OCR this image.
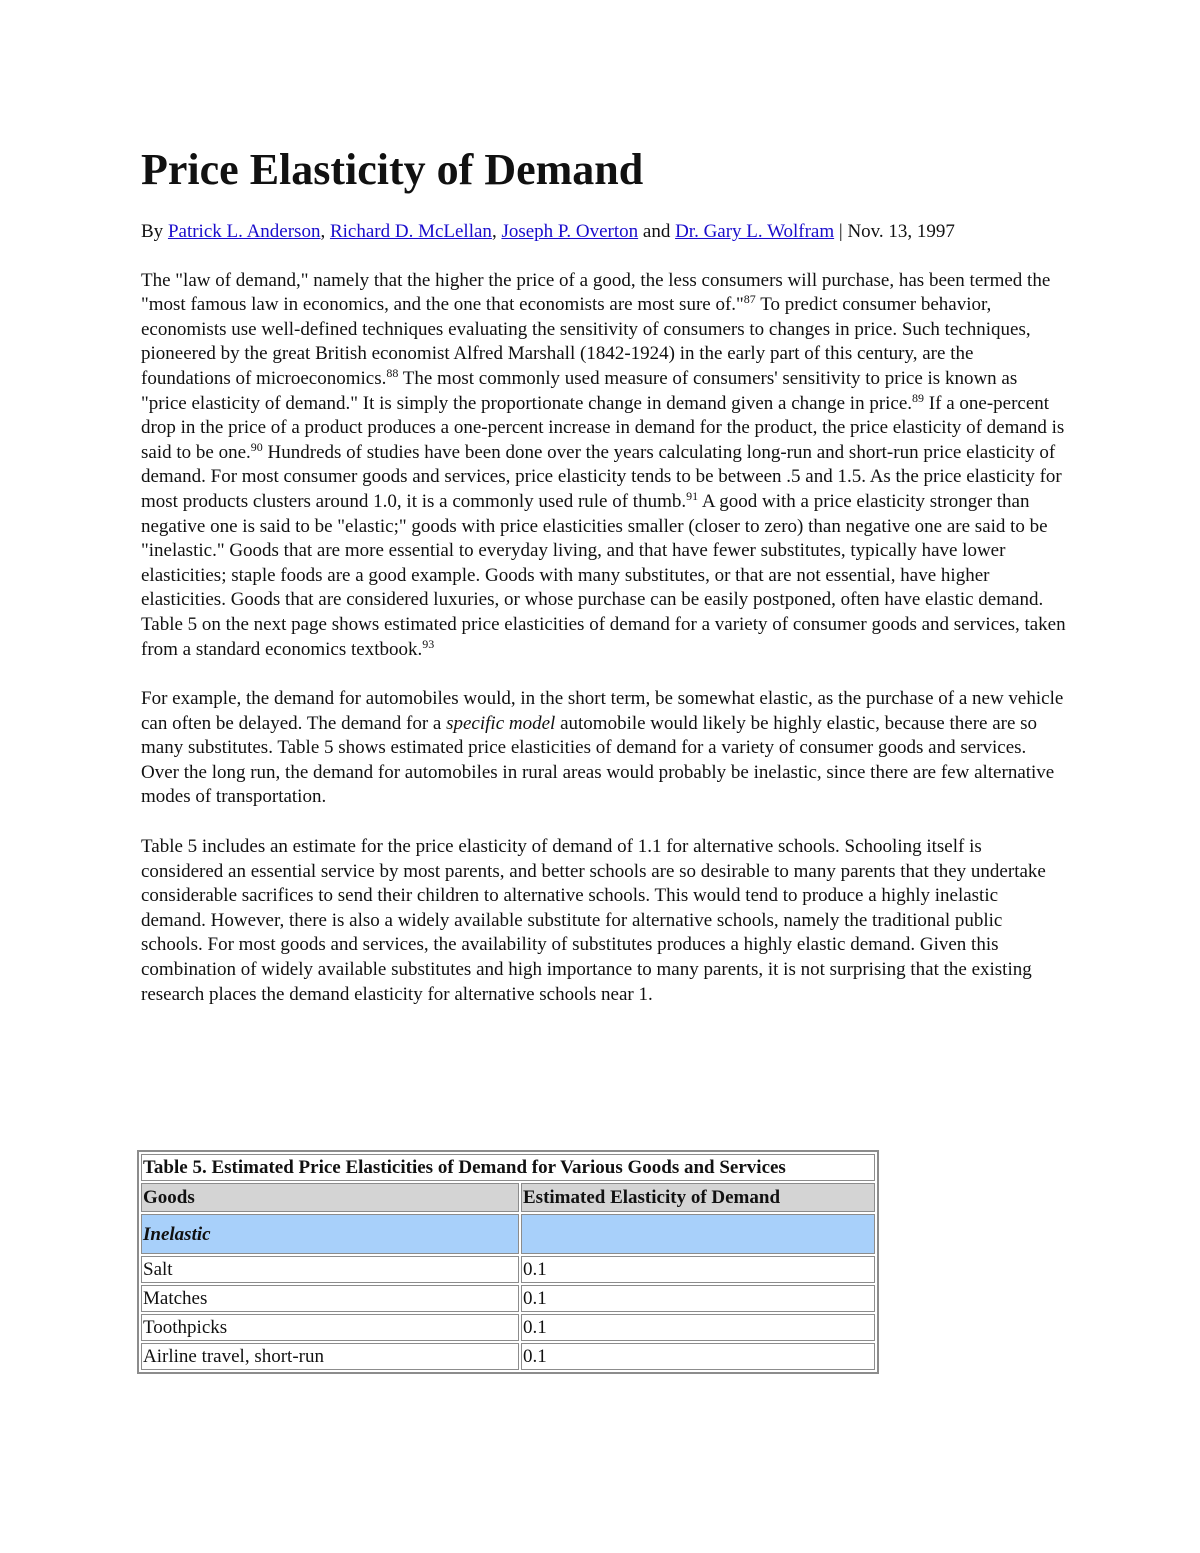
Price Elasticity of Demand

By Patrick L. Anderson, Richard D. McLellan, Joseph P. Overton and Dr. Gary L. Wolfram | Nov. 13, 1997

The "law of demand," namely that the higher the price of a good, the less consumers will purchase, has been termed the "most famous law in economics, and the one that economists are most sure of."$^{87}$ To predict consumer behavior, economists use well-defined techniques evaluating the sensitivity of consumers to changes in price. Such techniques, pioneered by the great British economist Alfred Marshall (1842-1924) in the early part of this century, are the foundations of microeconomics.$^{88}$ The most commonly used measure of consumers' sensitivity to price is known as "price elasticity of demand." It is simply the proportionate change in demand given a change in price.$^{89}$ If a one-percent drop in the price of a product produces a one-percent increase in demand for the product, the price elasticity of demand is said to be one.$^{90}$ Hundreds of studies have been done over the years calculating long-run and short-run price elasticity of demand. For most consumer goods and services, price elasticity tends to be between .5 and 1.5. As the price elasticity for most products clusters around 1.0, it is a commonly used rule of thumb.$^{91}$ A good with a price elasticity stronger than negative one is said to be "elastic;" goods with price elasticities smaller (closer to zero) than negative one are said to be "inelastic." Goods that are more essential to everyday living, and that have fewer substitutes, typically have lower elasticities; staple foods are a good example. Goods with many substitutes, or that are not essential, have higher elasticities. Goods that are considered luxuries, or whose purchase can be easily postponed, often have elastic demand. Table 5 on the next page shows estimated price elasticities of demand for a variety of consumer goods and services, taken from a standard economics textbook.$^{93}$

For example, the demand for automobiles would, in the short term, be somewhat elastic, as the purchase of a new vehicle can often be delayed. The demand for a specific model automobile would likely be highly elastic, because there are so many substitutes. Table 5 shows estimated price elasticities of demand for a variety of consumer goods and services. Over the long run, the demand for automobiles in rural areas would probably be inelastic, since there are few alternative modes of transportation.

Table 5 includes an estimate for the price elasticity of demand of 1.1 for alternative schools. Schooling itself is considered an essential service by most parents, and better schools are so desirable to many parents that they undertake considerable sacrifices to send their children to alternative schools. This would tend to produce a highly inelastic demand. However, there is also a widely available substitute for alternative schools, namely the traditional public schools. For most goods and services, the availability of substitutes produces a highly elastic demand. Given this combination of widely available substitutes and high importance to many parents, it is not surprising that the existing research places the demand elasticity for alternative schools near 1.

Table 5. Estimated Price Elasticities of Demand for Various Goods and Services	
Goods	Estimated Elasticity of Demand
Inelastic	
Salt	0.1
Matches	0.1
Toothpicks	0.1
Airline travel, short-run	0.1
